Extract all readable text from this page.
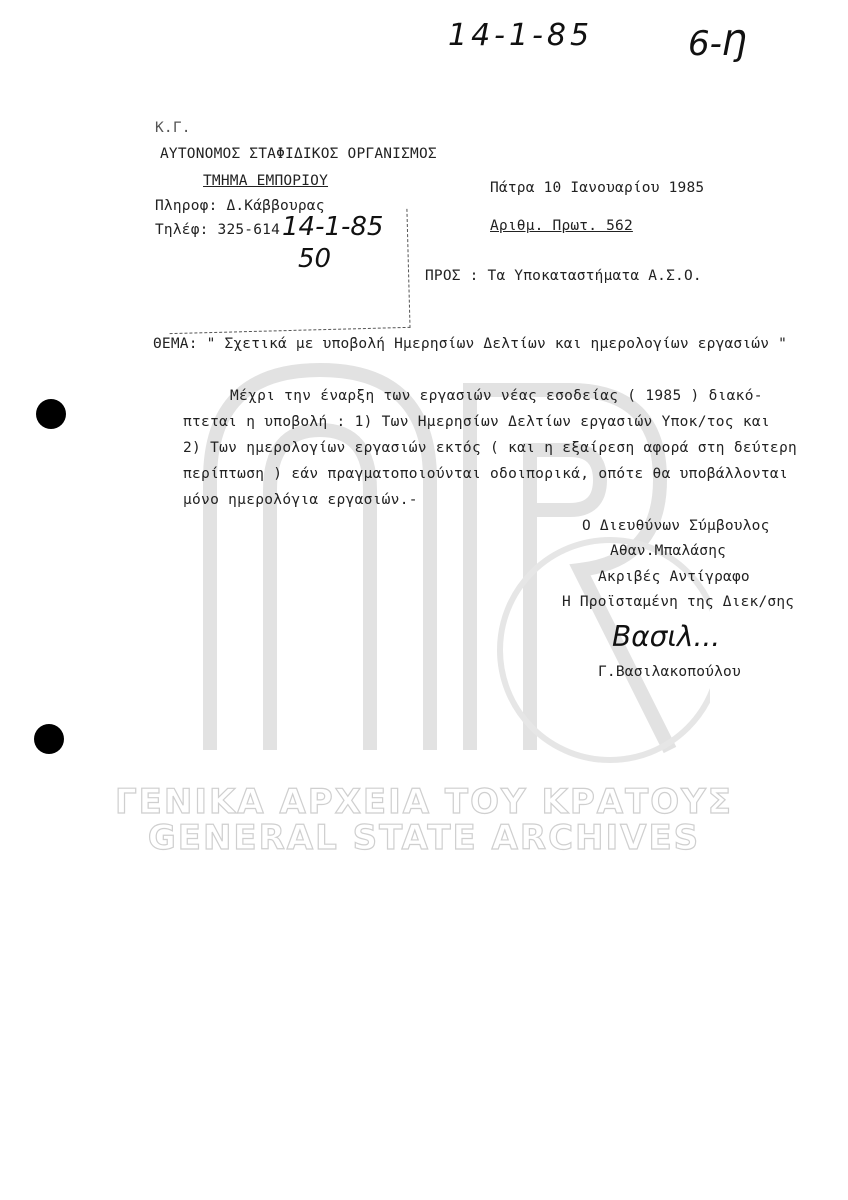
ΓΕΝΙΚΑ ΑΡΧΕΙΑ ΤΟΥ ΚΡΑΤΟΥΣ
GENERAL STATE ARCHIVES
14-1-85	6-Ŋ
Κ.Γ.
ΑΥΤΟΝΟΜΟΣ ΣΤΑΦΙΔΙΚΟΣ ΟΡΓΑΝΙΣΜΟΣ
ΤΜΗΜΑ ΕΜΠΟΡΙΟΥ
Πληροφ: Δ.Κάββουρας
Τηλέφ: 325-614 14-1-85
50
Πάτρα 10 Ιανουαρίου 1985
Αριθμ. Πρωτ. 562
ΠΡΟΣ : Τα Υποκαταστήματα Α.Σ.Ο.
ΘΕΜΑ: " Σχετικά με υποβολή Ημερησίων Δελτίων και ημερολογίων εργασιών "
Μέχρι την έναρξη των εργασιών νέας εσοδείας ( 1985 ) διακό-
πτεται η υποβολή : 1) Των Ημερησίων Δελτίων εργασιών Υποκ/τος και
2) Των ημερολογίων εργασιών εκτός ( και η εξαίρεση αφορά στη δεύτερη
περίπτωση ) εάν πραγματοποιούνται οδοιπορικά, οπότε θα υποβάλλονται
μόνο ημερολόγια εργασιών.-
Ο Διευθύνων Σύμβουλος
Αθαν.Μπαλάσης
Ακριβές Αντίγραφο
Η Προϊσταμένη της Διεκ/σης
Βασιλ...
Γ.Βασιλακοπούλου
